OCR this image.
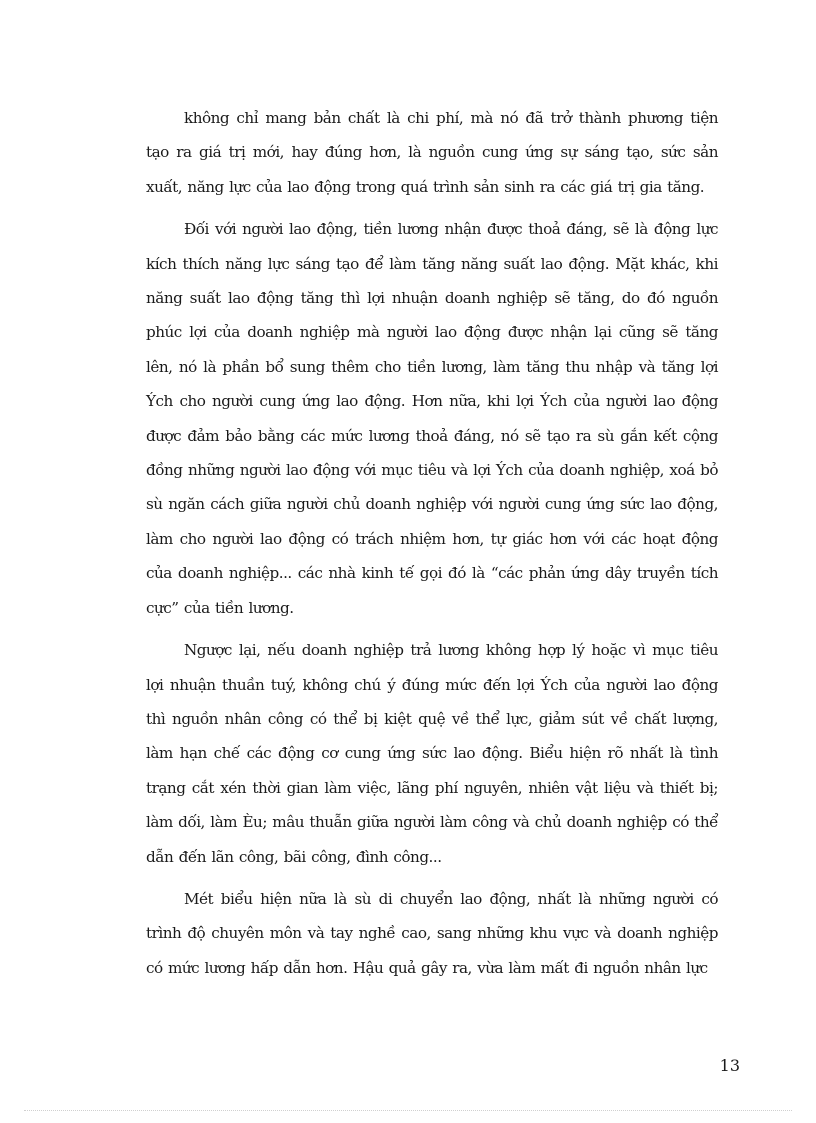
không chỉ mang bản chất là chi phí, mà nó đã trở thành phương tiện tạo ra giá trị mới, hay đúng hơn, là nguồn cung ứng sự sáng tạo, sức sản xuất, năng lực của lao động trong quá trình sản sinh ra các giá trị gia tăng.

Đối với người lao động, tiền lương nhận được thoả đáng, sẽ là động lực kích thích năng lực sáng tạo để làm tăng năng suất lao động. Mặt khác, khi năng suất lao động tăng thì lợi nhuận doanh nghiệp sẽ tăng, do đó nguồn phúc lợi của doanh nghiệp mà người lao động được nhận lại cũng sẽ tăng lên, nó là phần bổ sung thêm cho tiền lương, làm tăng thu nhập và tăng lợi Ých cho người cung ứng lao động. Hơn nữa, khi lợi Ých của người lao động được đảm bảo bằng các mức lương thoả đáng, nó sẽ tạo ra sù gắn kết cộng đồng những người lao động với mục tiêu và lợi Ých của doanh nghiệp, xoá bỏ sù ngăn cách giữa người chủ doanh nghiệp với người cung ứng sức lao động, làm cho người lao động có trách nhiệm hơn, tự giác hơn với các hoạt động của doanh nghiệp... các nhà kinh tế gọi đó là “các phản ứng dây truyền tích cực” của tiền lương.

Ngược lại, nếu doanh nghiệp trả lương không hợp lý hoặc vì mục tiêu lợi nhuận thuần tuý, không chú ý đúng mức đến lợi Ých của người lao động thì nguồn nhân công có thể bị kiệt quệ về thể lực, giảm sút về chất lượng, làm hạn chế các động cơ cung ứng sức lao động. Biểu hiện rõ nhất là tình trạng cắt xén thời gian làm việc, lãng phí nguyên, nhiên vật liệu và thiết bị; làm dối, làm Èu; mâu thuẫn giữa người làm công và chủ doanh nghiệp có thể dẫn đến lãn công, bãi công, đình công...

Mét biểu hiện nữa là sù di chuyển lao động, nhất là những người có trình độ chuyên môn và tay nghề cao, sang những khu vực và doanh nghiệp có mức lương hấp dẫn hơn. Hậu quả gây ra, vừa làm mất đi nguồn nhân lực

13
